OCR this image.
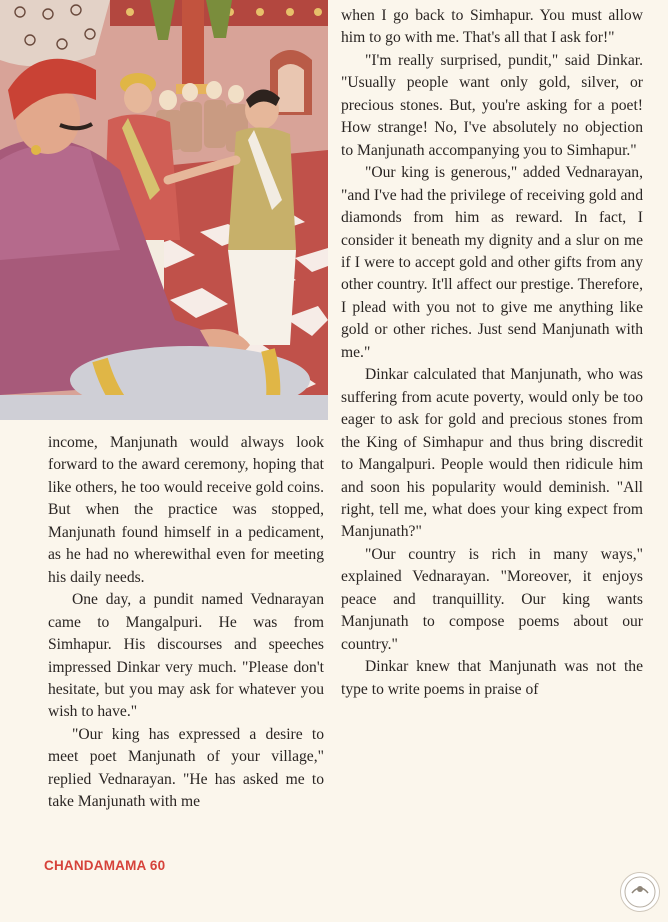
income, Manjunath would always look forward to the award ceremony, hoping that like others, he too would receive gold coins. But when the practice was stopped, Manjunath found himself in a pedicament, as he had no wherewithal even for meeting his daily needs.

One day, a pundit named Vednarayan came to Mangalpuri. He was from Simhapur. His discourses and speeches impressed Dinkar very much. "Please don't hesitate, but you may ask for whatever you wish to have."

"Our king has expressed a desire to meet poet Manjunath of your village," replied Vednarayan. "He has asked me to take Manjunath with me

when I go back to Simhapur. You must allow him to go with me. That's all that I ask for!"

"I'm really surprised, pundit," said Dinkar. "Usually people want only gold, silver, or precious stones. But, you're asking for a poet! How strange! No, I've absolutely no objection to Manjunath accompanying you to Simhapur."

"Our king is generous," added Vednarayan, "and I've had the privilege of receiving gold and diamonds from him as reward. In fact, I consider it beneath my dignity and a slur on me if I were to accept gold and other gifts from any other country. It'll affect our prestige. Therefore, I plead with you not to give me anything like gold or other riches. Just send Manjunath with me."

Dinkar calculated that Manjunath, who was suffering from acute poverty, would only be too eager to ask for gold and precious stones from the King of Simhapur and thus bring discredit to Mangalpuri. People would then ridicule him and soon his popularity would deminish. "All right, tell me, what does your king expect from Manjunath?"

"Our country is rich in many ways," explained Vednarayan. "Moreover, it enjoys peace and tranquillity. Our king wants Manjunath to compose poems about our country."

Dinkar knew that Manjunath was not the type to write poems in praise of

CHANDAMAMA 60
